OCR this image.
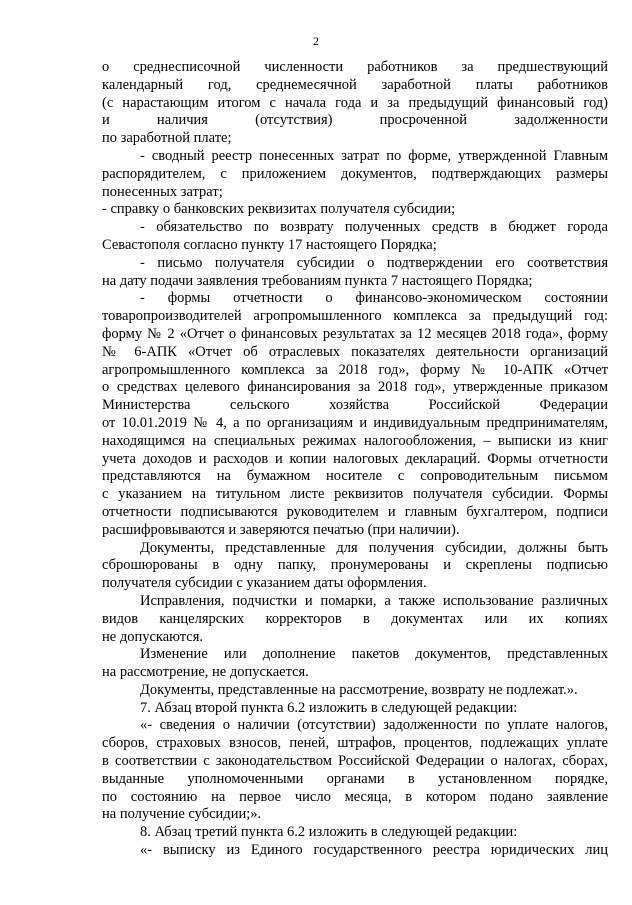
2
о среднесписочной численности работников за предшествующий
календарный год, среднемесячной заработной платы работников
(с нарастающим итогом с начала года и за предыдущий финансовый год)
и наличия (отсутствия) просроченной задолженности
по заработной плате;
- сводный реестр понесенных затрат по форме, утвержденной Главным
распорядителем, с приложением документов, подтверждающих размеры
понесенных затрат;
- справку о банковских реквизитах получателя субсидии;
- обязательство по возврату полученных средств в бюджет города
Севастополя согласно пункту 17 настоящего Порядка;
- письмо получателя субсидии о подтверждении его соответствия
на дату подачи заявления требованиям пункта 7 настоящего Порядка;
- формы отчетности о финансово-экономическом состоянии
товаропроизводителей агропромышленного комплекса за предыдущий год:
форму № 2 «Отчет о финансовых результатах за 12 месяцев 2018 года», форму
№ 6-АПК «Отчет об отраслевых показателях деятельности организаций
агропромышленного комплекса за 2018 год», форму № 10-АПК «Отчет
о средствах целевого финансирования за 2018 год», утвержденные приказом
Министерства сельского хозяйства Российской Федерации
от 10.01.2019 № 4, а по организациям и индивидуальным предпринимателям,
находящимся на специальных режимах налогообложения, – выписки из книг
учета доходов и расходов и копии налоговых деклараций. Формы отчетности
представляются на бумажном носителе с сопроводительным письмом
с указанием на титульном листе реквизитов получателя субсидии. Формы
отчетности подписываются руководителем и главным бухгалтером, подписи
расшифровываются и заверяются печатью (при наличии).
Документы, представленные для получения субсидии, должны быть
сброшюрованы в одну папку, пронумерованы и скреплены подписью
получателя субсидии с указанием даты оформления.
Исправления, подчистки и помарки, а также использование различных
видов канцелярских корректоров в документах или их копиях
не допускаются.
Изменение или дополнение пакетов документов, представленных
на рассмотрение, не допускается.
Документы, представленные на рассмотрение, возврату не подлежат.».
7. Абзац второй пункта 6.2 изложить в следующей редакции:
«- сведения о наличии (отсутствии) задолженности по уплате налогов,
сборов, страховых взносов, пеней, штрафов, процентов, подлежащих уплате
в соответствии с законодательством Российской Федерации о налогах, сборах,
выданные уполномоченными органами в установленном порядке,
по состоянию на первое число месяца, в котором подано заявление
на получение субсидии;».
8. Абзац третий пункта 6.2 изложить в следующей редакции:
«- выписку из Единого государственного реестра юридических лиц
